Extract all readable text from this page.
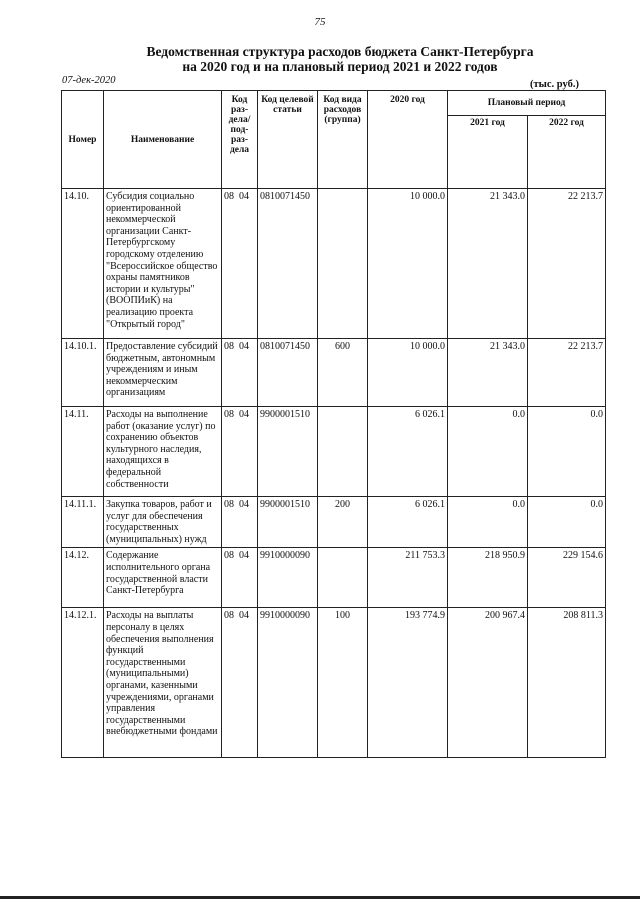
75
Ведомственная структура расходов бюджета Санкт-Петербурга
на 2020 год и на плановый период 2021 и 2022 годов
07-дек-2020	(тыс. руб.)
Номер	Наименование	Код раз- дела/ под- раз- дела	Код целевой статьи	Код вида расходов (группа)	2020 год	Плановый период	
						2021 год	2022 год
14.10.	Субсидия социально ориентированной некоммерческой организации Санкт-Петербургскому городскому отделению "Всероссийское общество охраны памятников истории и культуры" (ВООПИиК) на реализацию проекта "Открытый город"	08 04	0810071450		10 000.0	21 343.0	22 213.7
14.10.1.	Предоставление субсидий бюджетным, автономным учреждениям и иным некоммерческим организациям	08 04	0810071450	600	10 000.0	21 343.0	22 213.7
14.11.	Расходы на выполнение работ (оказание услуг) по сохранению объектов культурного наследия, находящихся в федеральной собственности	08 04	9900001510		6 026.1	0.0	0.0
14.11.1.	Закупка товаров, работ и услуг для обеспечения государственных (муниципальных) нужд	08 04	9900001510	200	6 026.1	0.0	0.0
14.12.	Содержание исполнительного органа государственной власти Санкт-Петербурга	08 04	9910000090		211 753.3	218 950.9	229 154.6
14.12.1.	Расходы на выплаты персоналу в целях обеспечения выполнения функций государственными (муниципальными) органами, казенными учреждениями, органами управления государственными внебюджетными фондами	08 04	9910000090	100	193 774.9	200 967.4	208 811.3
